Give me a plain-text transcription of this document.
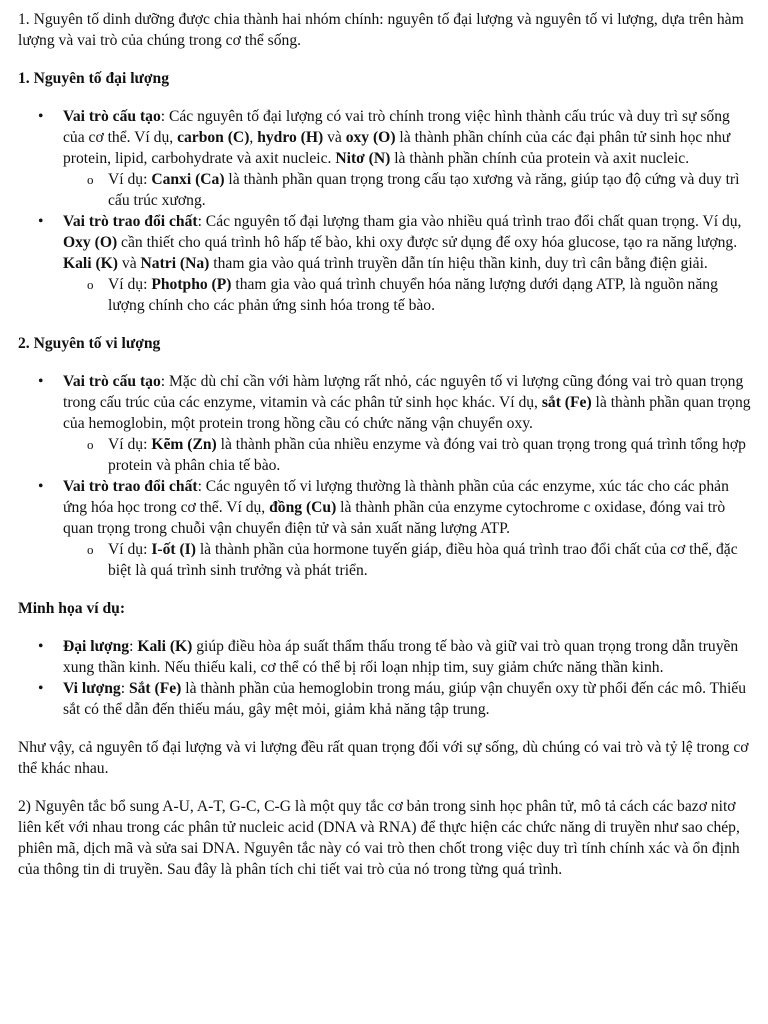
1. Nguyên tố dinh dưỡng được chia thành hai nhóm chính: nguyên tố đại lượng và nguyên tố vi lượng, dựa trên hàm lượng và vai trò của chúng trong cơ thể sống.

1. Nguyên tố đại lượng

• Vai trò cấu tạo: Các nguyên tố đại lượng có vai trò chính trong việc hình thành cấu trúc và duy trì sự sống của cơ thể. Ví dụ, carbon (C), hydro (H) và oxy (O) là thành phần chính của các đại phân tử sinh học như protein, lipid, carbohydrate và axit nucleic. Nitơ (N) là thành phần chính của protein và axit nucleic.
o Ví dụ: Canxi (Ca) là thành phần quan trọng trong cấu tạo xương và răng, giúp tạo độ cứng và duy trì cấu trúc xương.
• Vai trò trao đổi chất: Các nguyên tố đại lượng tham gia vào nhiều quá trình trao đổi chất quan trọng. Ví dụ, Oxy (O) cần thiết cho quá trình hô hấp tế bào, khi oxy được sử dụng để oxy hóa glucose, tạo ra năng lượng. Kali (K) và Natri (Na) tham gia vào quá trình truyền dẫn tín hiệu thần kinh, duy trì cân bằng điện giải.
o Ví dụ: Photpho (P) tham gia vào quá trình chuyển hóa năng lượng dưới dạng ATP, là nguồn năng lượng chính cho các phản ứng sinh hóa trong tế bào.

2. Nguyên tố vi lượng

• Vai trò cấu tạo: Mặc dù chỉ cần với hàm lượng rất nhỏ, các nguyên tố vi lượng cũng đóng vai trò quan trọng trong cấu trúc của các enzyme, vitamin và các phân tử sinh học khác. Ví dụ, sắt (Fe) là thành phần quan trọng của hemoglobin, một protein trong hồng cầu có chức năng vận chuyển oxy.
o Ví dụ: Kẽm (Zn) là thành phần của nhiều enzyme và đóng vai trò quan trọng trong quá trình tổng hợp protein và phân chia tế bào.
• Vai trò trao đổi chất: Các nguyên tố vi lượng thường là thành phần của các enzyme, xúc tác cho các phản ứng hóa học trong cơ thể. Ví dụ, đồng (Cu) là thành phần của enzyme cytochrome c oxidase, đóng vai trò quan trọng trong chuỗi vận chuyển điện tử và sản xuất năng lượng ATP.
o Ví dụ: I-ốt (I) là thành phần của hormone tuyến giáp, điều hòa quá trình trao đổi chất của cơ thể, đặc biệt là quá trình sinh trưởng và phát triển.

Minh họa ví dụ:

• Đại lượng: Kali (K) giúp điều hòa áp suất thẩm thấu trong tế bào và giữ vai trò quan trọng trong dẫn truyền xung thần kinh. Nếu thiếu kali, cơ thể có thể bị rối loạn nhịp tim, suy giảm chức năng thần kinh.
• Vi lượng: Sắt (Fe) là thành phần của hemoglobin trong máu, giúp vận chuyển oxy từ phổi đến các mô. Thiếu sắt có thể dẫn đến thiếu máu, gây mệt mỏi, giảm khả năng tập trung.

Như vậy, cả nguyên tố đại lượng và vi lượng đều rất quan trọng đối với sự sống, dù chúng có vai trò và tỷ lệ trong cơ thể khác nhau.

2) Nguyên tắc bổ sung A-U, A-T, G-C, C-G là một quy tắc cơ bản trong sinh học phân tử, mô tả cách các bazơ nitơ liên kết với nhau trong các phân tử nucleic acid (DNA và RNA) để thực hiện các chức năng di truyền như sao chép, phiên mã, dịch mã và sửa sai DNA. Nguyên tắc này có vai trò then chốt trong việc duy trì tính chính xác và ổn định của thông tin di truyền. Sau đây là phân tích chi tiết vai trò của nó trong từng quá trình.
